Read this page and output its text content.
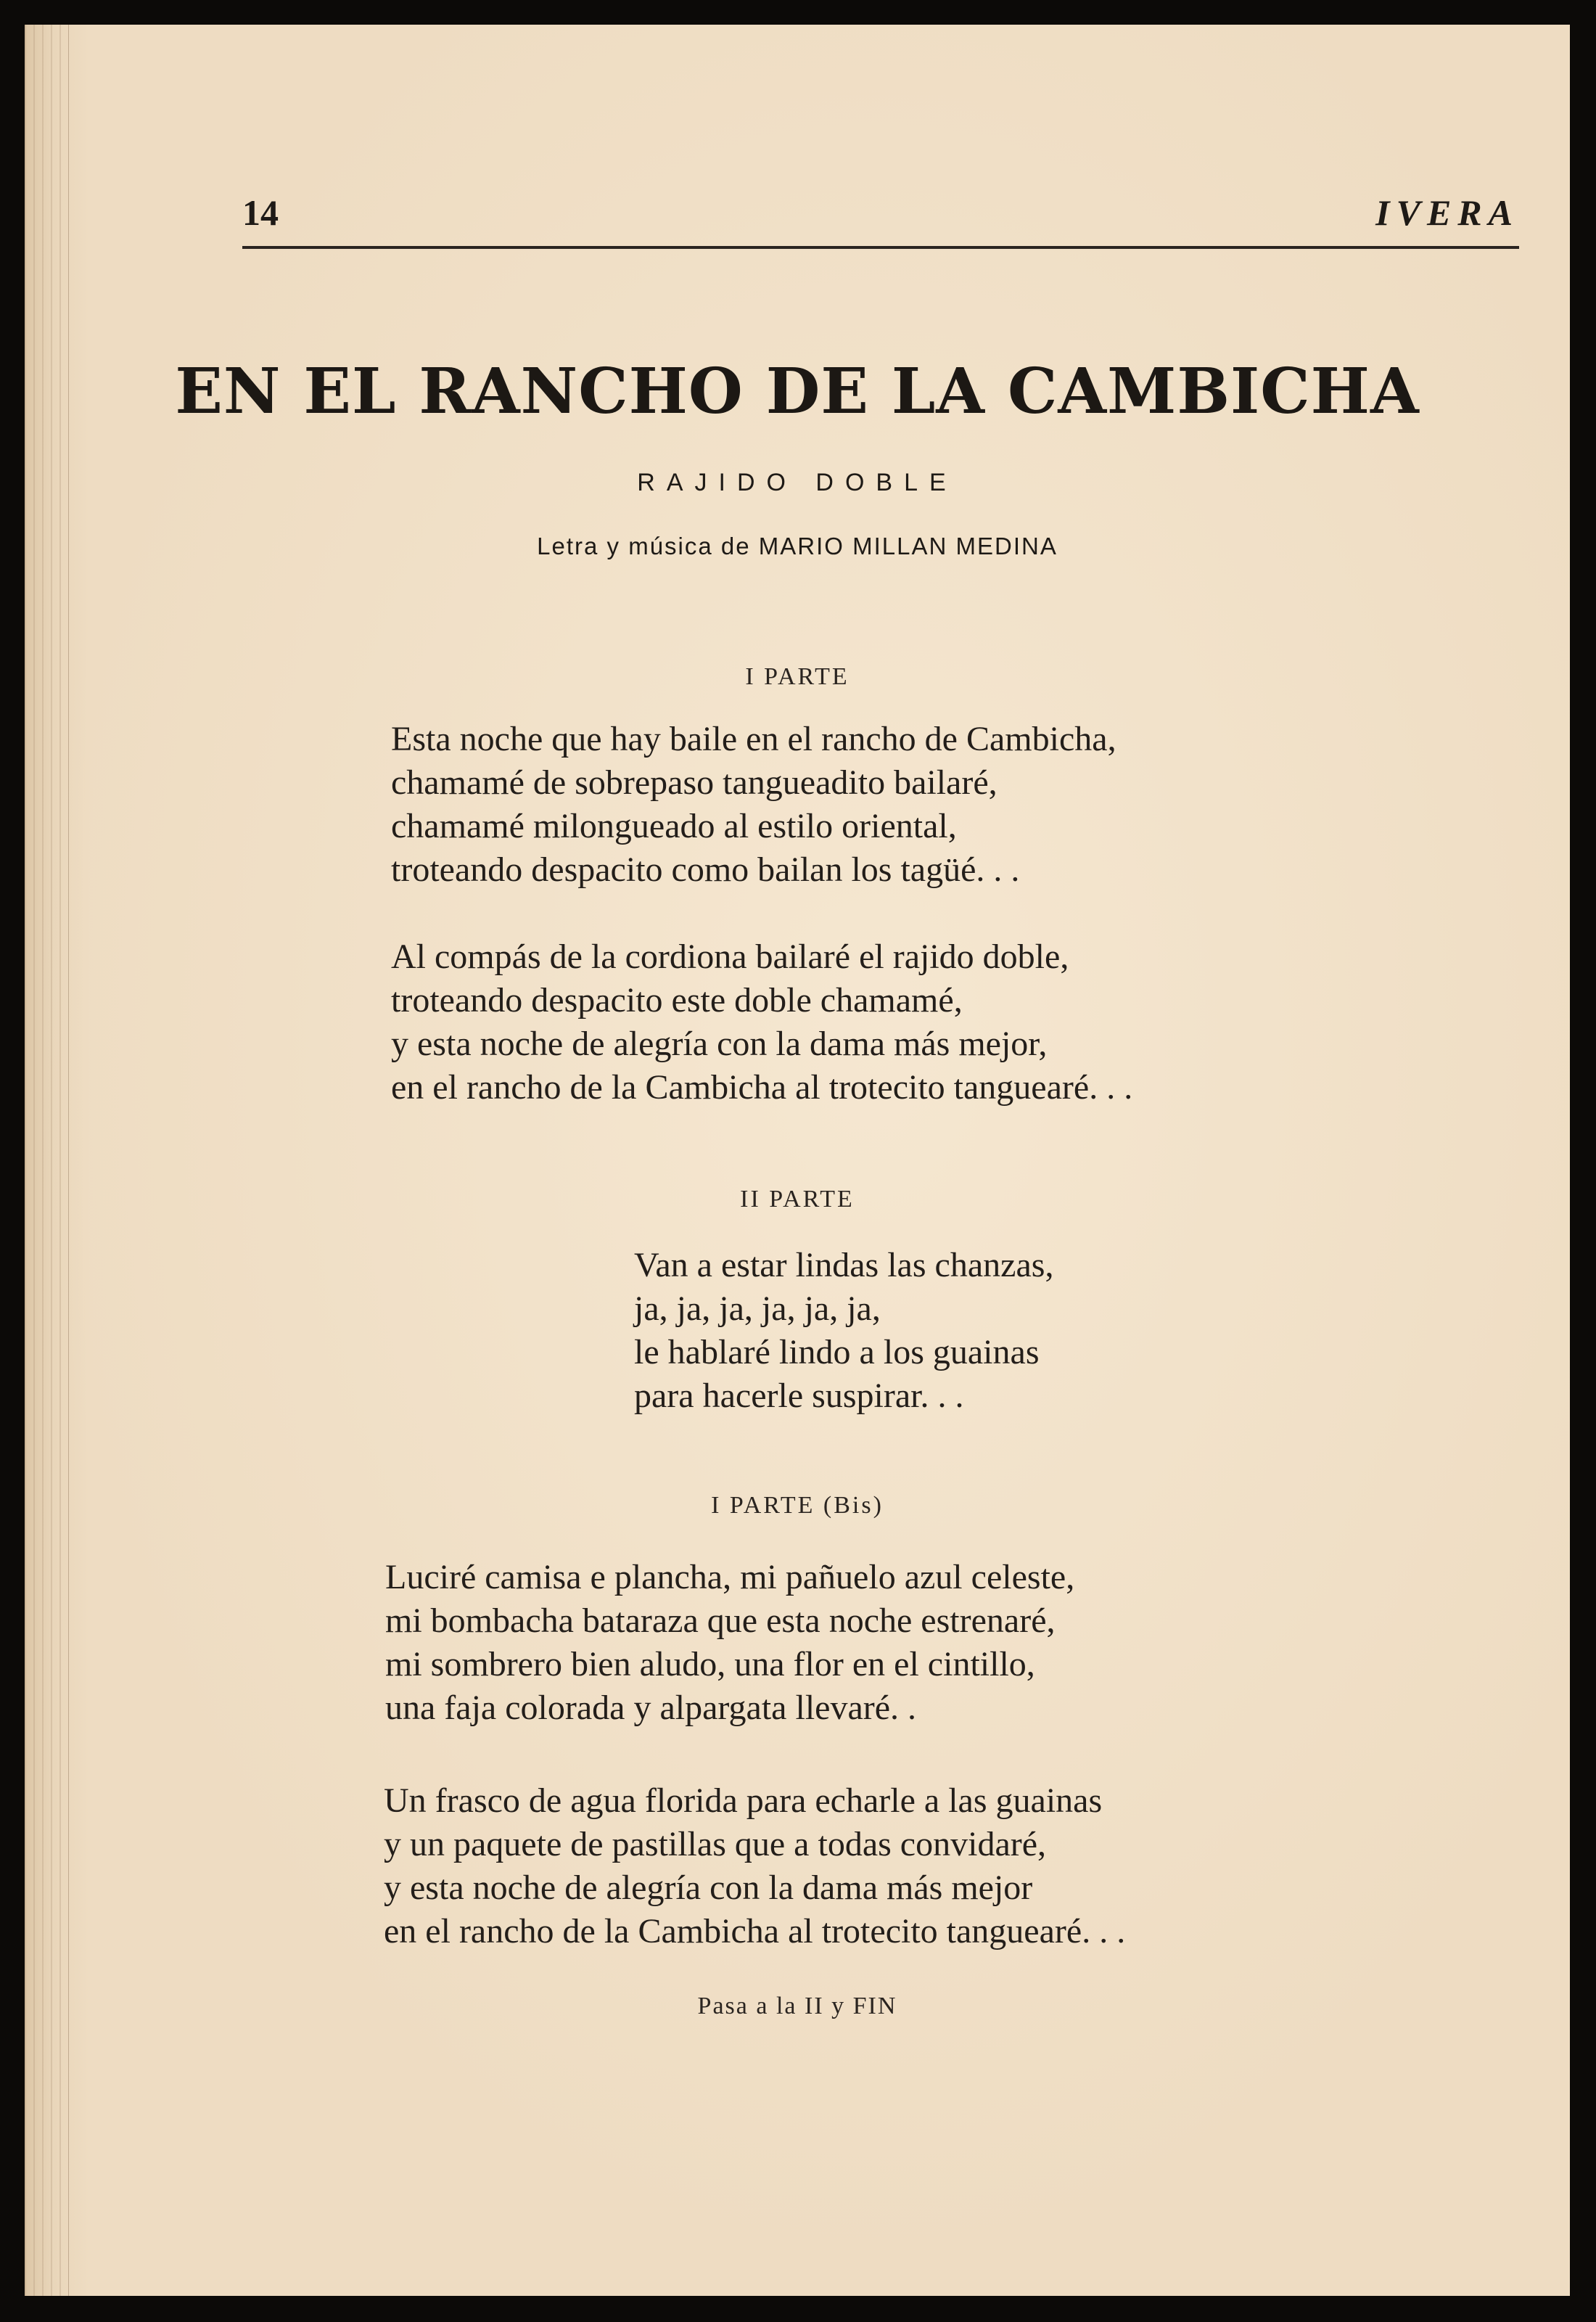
14	IVERA
EN EL RANCHO DE LA CAMBICHA
RAJIDO DOBLE
Letra y música de MARIO MILLAN MEDINA
I PARTE
Esta noche que hay baile en el rancho de Cambicha,
chamamé de sobrepaso tangueadito bailaré,
chamamé milongueado al estilo oriental,
troteando despacito como bailan los tagüé. . .
Al compás de la cordiona bailaré el rajido doble,
troteando despacito este doble chamamé,
y esta noche de alegría con la dama más mejor,
en el rancho de la Cambicha al trotecito tanguearé. . .
II PARTE
Van a estar lindas las chanzas,
ja, ja, ja, ja, ja, ja,
le hablaré lindo a los guainas
para hacerle suspirar. . .
I PARTE (Bis)
Luciré camisa e plancha, mi pañuelo azul celeste,
mi bombacha bataraza que esta noche estrenaré,
mi sombrero bien aludo, una flor en el cintillo,
una faja colorada y alpargata llevaré. .
Un frasco de agua florida para echarle a las guainas
y un paquete de pastillas que a todas convidaré,
y esta noche de alegría con la dama más mejor
en el rancho de la Cambicha al trotecito tanguearé. . .
Pasa a la II y FIN
